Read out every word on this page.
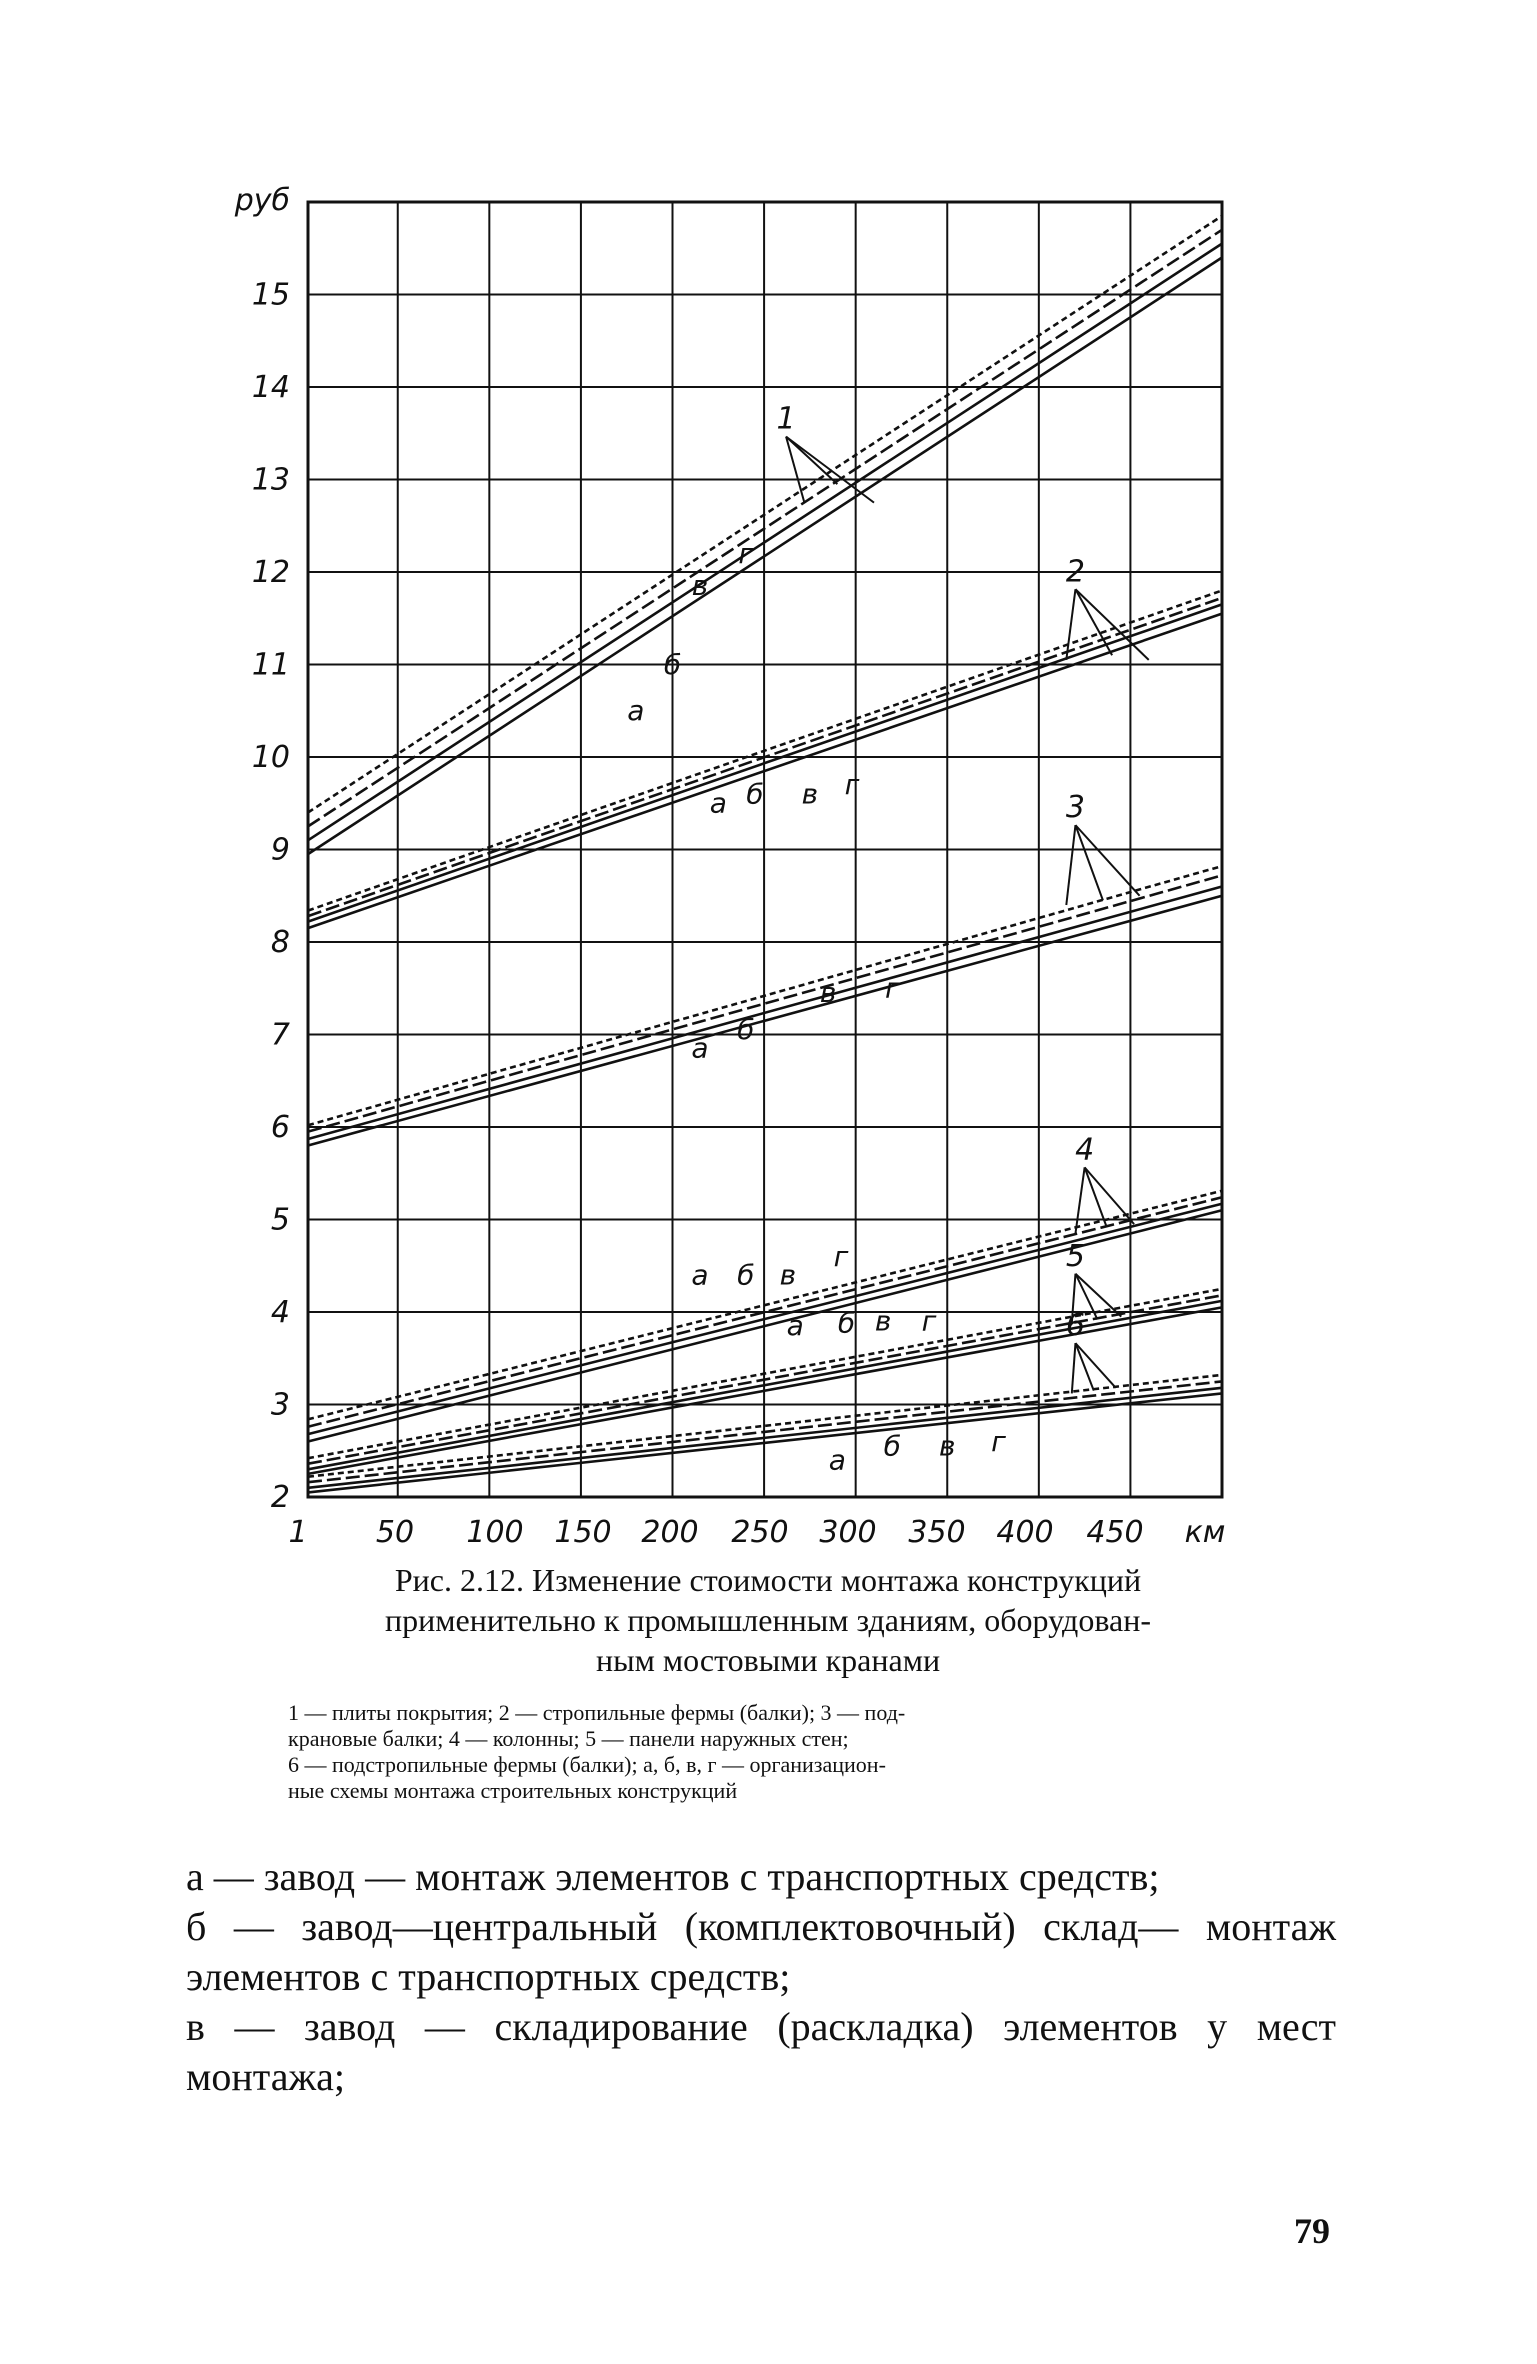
1 50 100 150 200 250 300 350 400 450 км
2
3
4
5
6
7
8
9
10
11
12
13
14
15
руб
1
2
3
4
5
6
а
б
в
г
а б в г
а
б
в г
а б в
г
а б в г
а б в г

Рис. 2.12. Изменение стоимости монтажа конструкций

применительно к промышленным зданиям, оборудован-

ным мостовыми кранами

1 — плиты покрытия; 2 — стропильные фермы (балки); 3 — под-

крановые балки; 4 — колонны; 5 — панели наружных стен;

6 — подстропильные фермы (балки); а, б, в, г — организацион-

ные схемы монтажа строительных конструкций

а — завод — монтаж элементов с транспортных средств;

б — завод—центральный (комплектовочный) склад— монтаж элементов с транспортных средств;

в — завод — складирование (раскладка) элементов у мест монтажа;

79
